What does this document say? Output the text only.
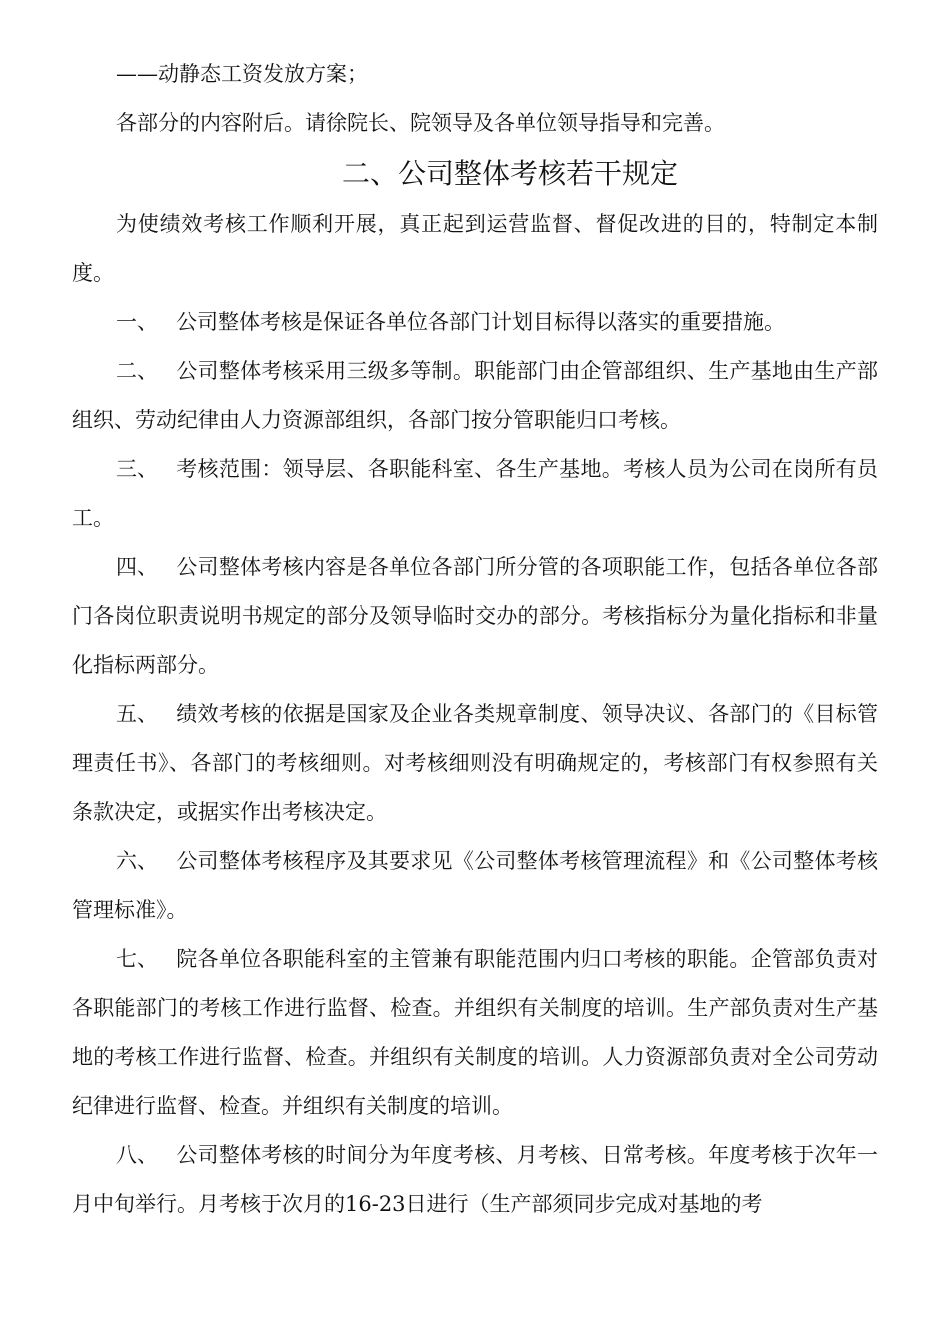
——动静态工资发放方案；

各部分的内容附后。请徐院长、院领导及各单位领导指导和完善。

二、公司整体考核若干规定

为使绩效考核工作顺利开展，真正起到运营监督、督促改进的目的，特制定本制度。

一、 公司整体考核是保证各单位各部门计划目标得以落实的重要措施。

二、 公司整体考核采用三级多等制。职能部门由企管部组织、生产基地由生产部组织、劳动纪律由人力资源部组织，各部门按分管职能归口考核。

三、 考核范围：领导层、各职能科室、各生产基地。考核人员为公司在岗所有员工。

四、 公司整体考核内容是各单位各部门所分管的各项职能工作，包括各单位各部门各岗位职责说明书规定的部分及领导临时交办的部分。考核指标分为量化指标和非量化指标两部分。

五、 绩效考核的依据是国家及企业各类规章制度、领导决议、各部门的《目标管理责任书》、各部门的考核细则。对考核细则没有明确规定的，考核部门有权参照有关条款决定，或据实作出考核决定。

六、 公司整体考核程序及其要求见《公司整体考核管理流程》和《公司整体考核管理标准》。

七、 院各单位各职能科室的主管兼有职能范围内归口考核的职能。企管部负责对各职能部门的考核工作进行监督、检查。并组织有关制度的培训。生产部负责对生产基地的考核工作进行监督、检查。并组织有关制度的培训。人力资源部负责对全公司劳动纪律进行监督、检查。并组织有关制度的培训。

八、 公司整体考核的时间分为年度考核、月考核、日常考核。年度考核于次年一月中旬举行。月考核于次月的16-23日进行（生产部须同步完成对基地的考
